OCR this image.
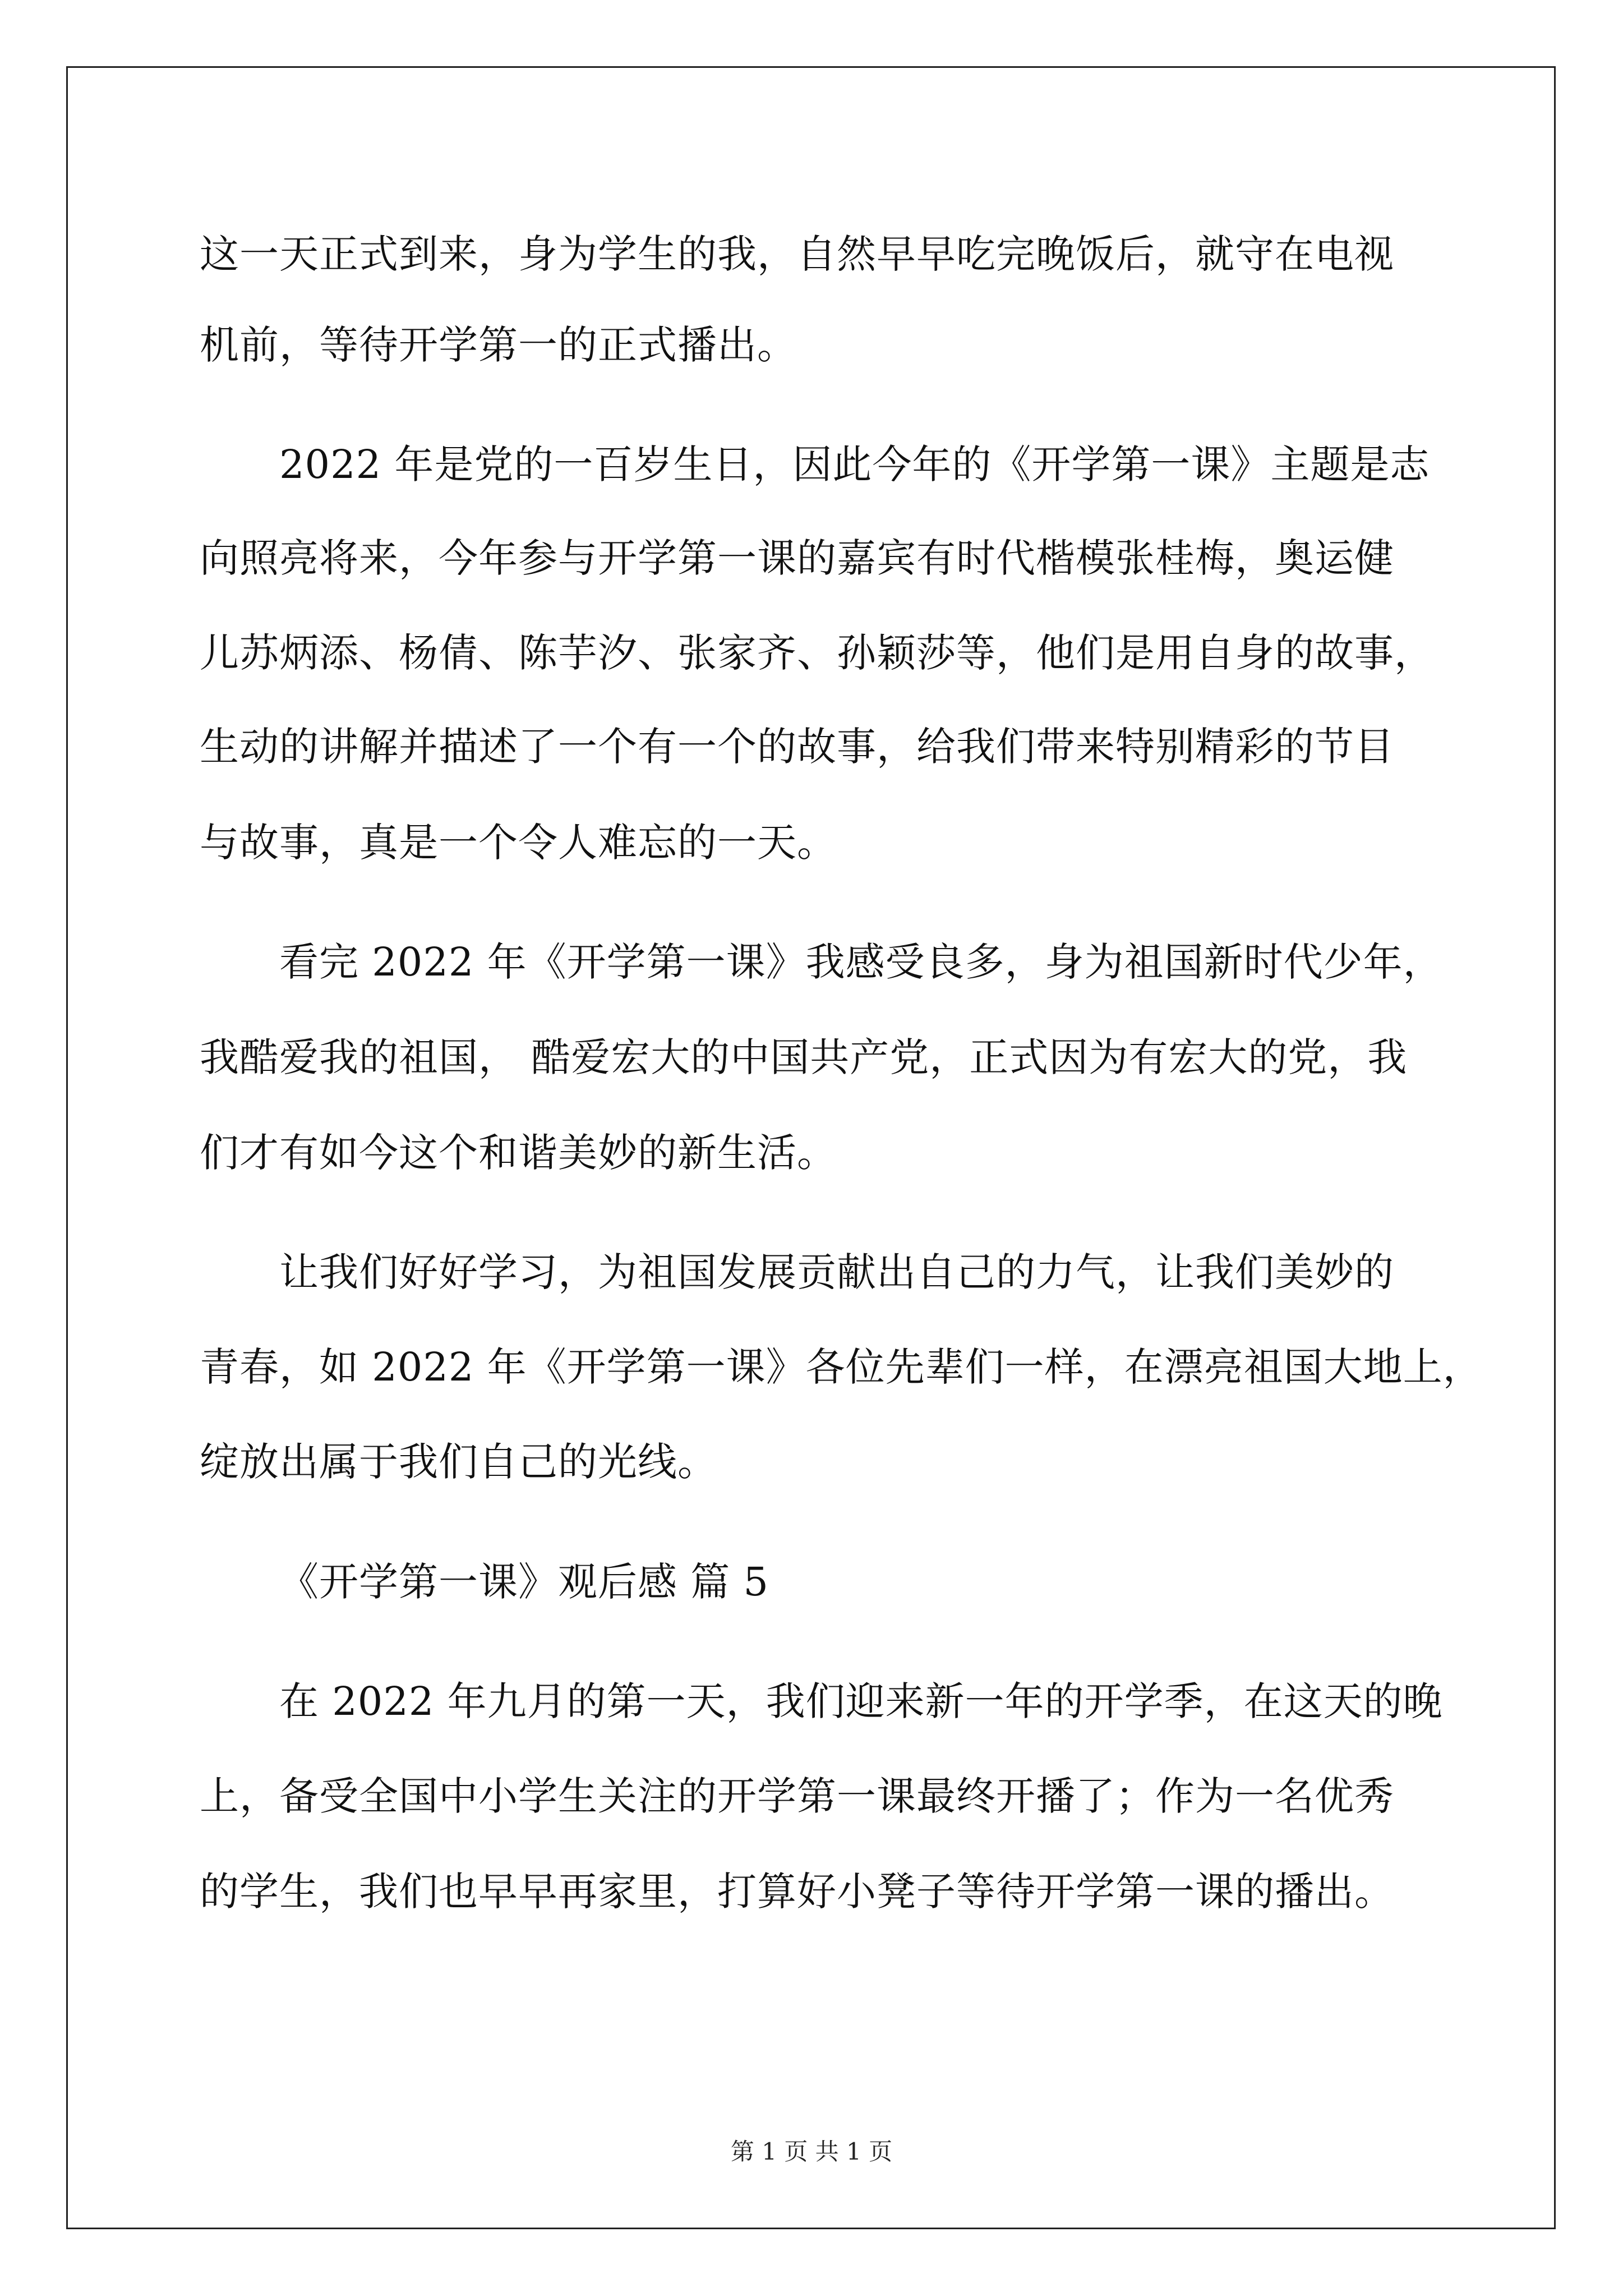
这一天正式到来，身为学生的我，自然早早吃完晚饭后，就守在电视
机前，等待开学第一的正式播出。
2022 年是党的一百岁生日，因此今年的《开学第一课》主题是志
向照亮将来，今年参与开学第一课的嘉宾有时代楷模张桂梅，奥运健
儿苏炳添、杨倩、陈芋汐、张家齐、孙颖莎等，他们是用自身的故事，
生动的讲解并描述了一个有一个的故事，给我们带来特别精彩的节目
与故事，真是一个令人难忘的一天。
看完 2022 年《开学第一课》我感受良多，身为祖国新时代少年，
我酷爱我的祖国， 酷爱宏大的中国共产党，正式因为有宏大的党，我
们才有如今这个和谐美妙的新生活。
让我们好好学习，为祖国发展贡献出自己的力气，让我们美妙的
青春，如 2022 年《开学第一课》各位先辈们一样，在漂亮祖国大地上，
绽放出属于我们自己的光线。
《开学第一课》观后感 篇 5
在 2022 年九月的第一天，我们迎来新一年的开学季，在这天的晚
上，备受全国中小学生关注的开学第一课最终开播了；作为一名优秀
的学生，我们也早早再家里，打算好小凳子等待开学第一课的播出。
第 1 页 共 1 页
